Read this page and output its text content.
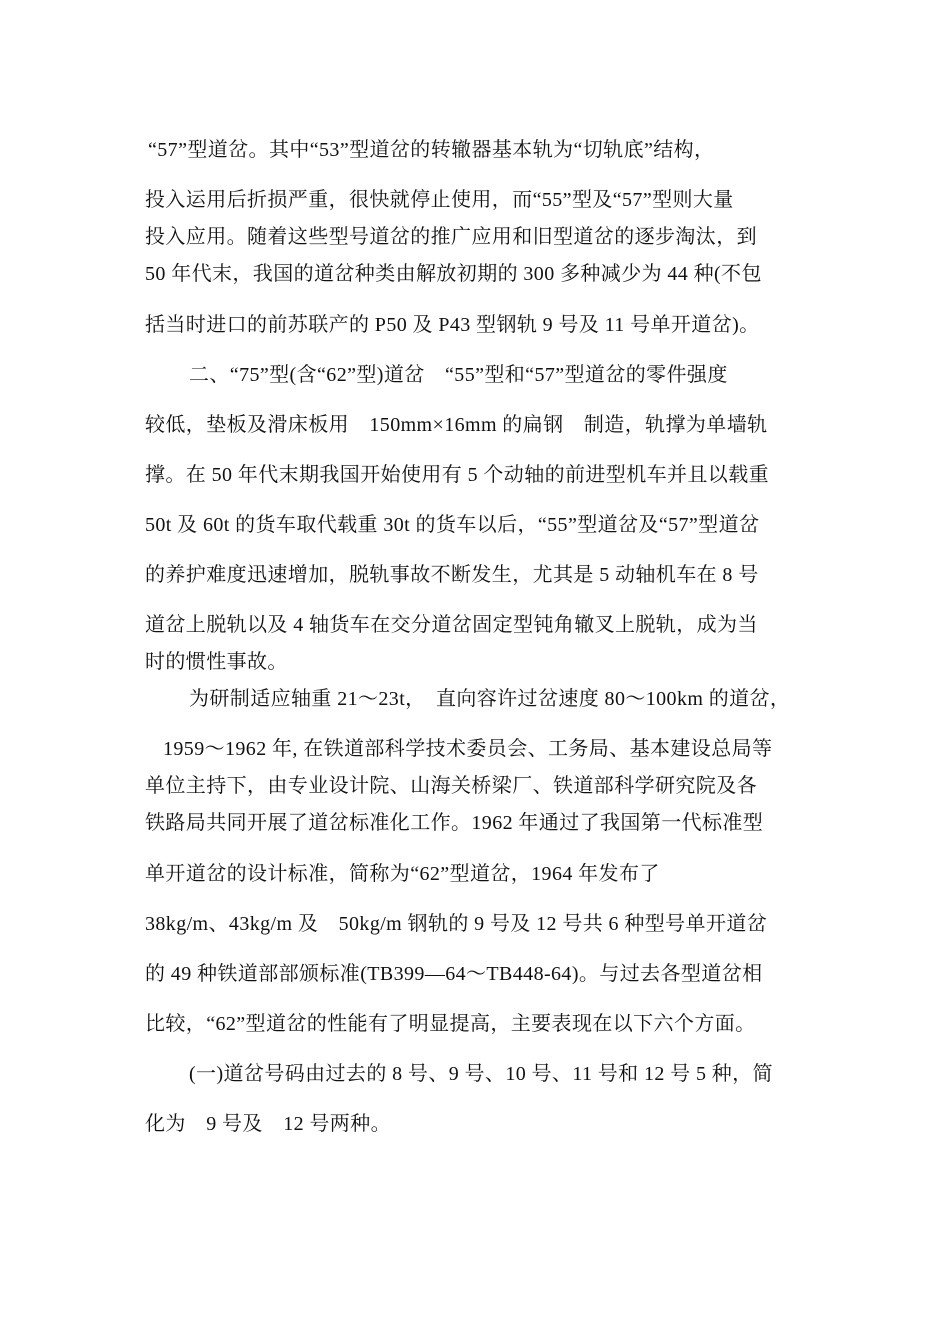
“57”型道岔。其中“53”型道岔的转辙器基本轨为“切轨底”结构，
投入运用后折损严重，很快就停止使用，而“55”型及“57”型则大量
投入应用。随着这些型号道岔的推广应用和旧型道岔的逐步淘汰，到
50 年代末，我国的道岔种类由解放初期的 300 多种减少为 44 种(不包
括当时进口的前苏联产的 P50 及 P43 型钢轨 9 号及 11 号单开道岔)。
二、“75”型(含“62”型)道岔　“55”型和“57”型道岔的零件强度
较低，垫板及滑床板用　150mm×16mm 的扁钢　制造，轨撑为单墙轨
撑。在 50 年代末期我国开始使用有 5 个动轴的前进型机车并且以载重
50t 及 60t 的货车取代载重 30t 的货车以后，“55”型道岔及“57”型道岔
的养护难度迅速增加，脱轨事故不断发生，尤其是 5 动轴机车在 8 号
道岔上脱轨以及 4 轴货车在交分道岔固定型钝角辙叉上脱轨，成为当
时的惯性事故。
为研制适应轴重 21～23t，　直向容许过岔速度 80～100km 的道岔，
1959～1962 年, 在铁道部科学技术委员会、工务局、基本建设总局等
单位主持下，由专业设计院、山海关桥梁厂、铁道部科学研究院及各
铁路局共同开展了道岔标准化工作。1962 年通过了我国第一代标准型
单开道岔的设计标准，简称为“62”型道岔，1964 年发布了
38kg/m、43kg/m 及　50kg/m 钢轨的 9 号及 12 号共 6 种型号单开道岔
的 49 种铁道部部颁标准(TB399—64～TB448-64)。与过去各型道岔相
比较，“62”型道岔的性能有了明显提高，主要表现在以下六个方面。
(一)道岔号码由过去的 8 号、9 号、10 号、11 号和 12 号 5 种，简
化为　9 号及　12 号两种。
